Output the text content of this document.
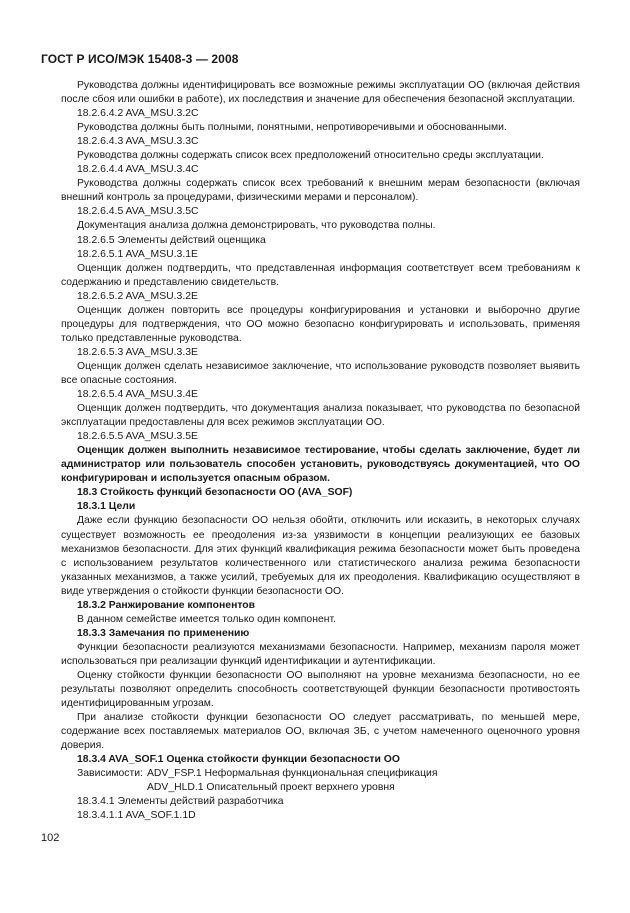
ГОСТ Р ИСО/МЭК 15408-3 — 2008

Руководства должны идентифицировать все возможные режимы эксплуатации ОО (включая действия после сбоя или ошибки в работе), их последствия и значение для обеспечения безопасной эксплуатации.

18.2.6.4.2 AVA_MSU.3.2C

Руководства должны быть полными, понятными, непротиворечивыми и обоснованными.

18.2.6.4.3 AVA_MSU.3.3C

Руководства должны содержать список всех предположений относительно среды эксплуатации.

18.2.6.4.4 AVA_MSU.3.4C

Руководства должны содержать список всех требований к внешним мерам безопасности (включая внешний контроль за процедурами, физическими мерами и персоналом).

18.2.6.4.5 AVA_MSU.3.5C

Документация анализа должна демонстрировать, что руководства полны.

18.2.6.5 Элементы действий оценщика

18.2.6.5.1 AVA_MSU.3.1E

Оценщик должен подтвердить, что представленная информация соответствует всем требованиям к содержанию и представлению свидетельств.

18.2.6.5.2 AVA_MSU.3.2E

Оценщик должен повторить все процедуры конфигурирования и установки и выборочно другие процедуры для подтверждения, что ОО можно безопасно конфигурировать и использовать, применяя только представленные руководства.

18.2.6.5.3 AVA_MSU.3.3E

Оценщик должен сделать независимое заключение, что использование руководств позволяет выявить все опасные состояния.

18.2.6.5.4 AVA_MSU.3.4E

Оценщик должен подтвердить, что документация анализа показывает, что руководства по безопасной эксплуатации предоставлены для всех режимов эксплуатации ОО.

18.2.6.5.5 AVA_MSU.3.5E

Оценщик должен выполнить независимое тестирование, чтобы сделать заключение, будет ли администратор или пользователь способен установить, руководствуясь документацией, что ОО конфигурирован и используется опасным образом.

18.3 Стойкость функций безопасности ОО (AVA_SOF)

18.3.1 Цели

Даже если функцию безопасности ОО нельзя обойти, отключить или исказить, в некоторых случаях существует возможность ее преодоления из-за уязвимости в концепции реализующих ее базовых механизмов безопасности. Для этих функций квалификация режима безопасности может быть проведена с использованием результатов количественного или статистического анализа режима безопасности указанных механизмов, а также усилий, требуемых для их преодоления. Квалификацию осуществляют в виде утверждения о стойкости функции безопасности ОО.

18.3.2 Ранжирование компонентов

В данном семействе имеется только один компонент.

18.3.3 Замечания по применению

Функции безопасности реализуются механизмами безопасности. Например, механизм пароля может использоваться при реализации функций идентификации и аутентификации.

Оценку стойкости функции безопасности ОО выполняют на уровне механизма безопасности, но ее результаты позволяют определить способность соответствующей функции безопасности противостоять идентифицированным угрозам.

При анализе стойкости функции безопасности ОО следует рассматривать, по меньшей мере, содержание всех поставляемых материалов ОО, включая ЗБ, с учетом намеченного оценочного уровня доверия.

18.3.4 AVA_SOF.1 Оценка стойкости функции безопасности ОО

Зависимости: ADV_FSP.1 Неформальная функциональная спецификация
ADV_HLD.1 Описательный проект верхнего уровня

18.3.4.1 Элементы действий разработчика

18.3.4.1.1 AVA_SOF.1.1D

102
